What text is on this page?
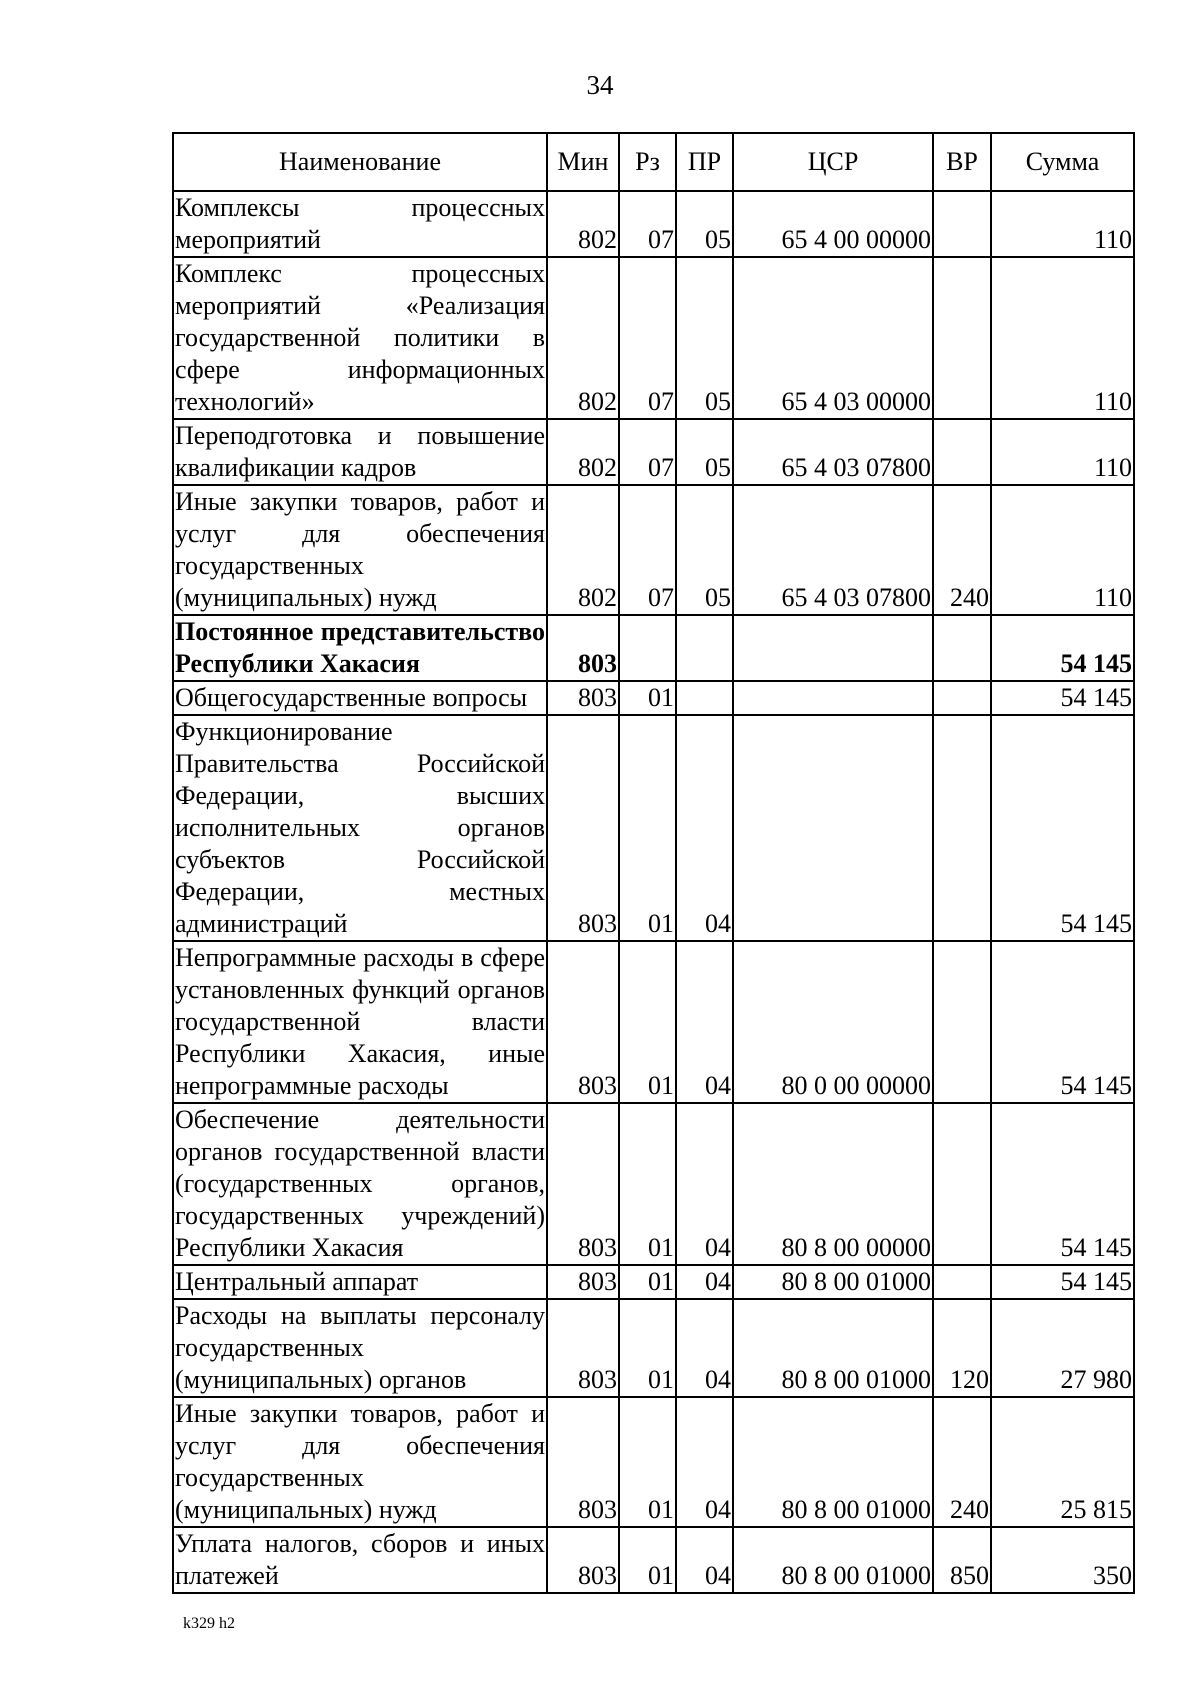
34
Наименование	Мин	Рз	ПР	ЦСР	ВР	Сумма
Комплексы процессных мероприятий	802	07	05	65 4 00 00000		110
Комплекс процессных мероприятий «Реализация государственной политики в сфере информационных технологий»	802	07	05	65 4 03 00000		110
Переподготовка и повышение квалификации кадров	802	07	05	65 4 03 07800		110
Иные закупки товаров, работ и услуг для обеспечения государственных (муниципальных) нужд	802	07	05	65 4 03 07800	240	110
Постоянное представительство Республики Хакасия	803					54 145
Общегосударственные вопросы	803	01				54 145
Функционирование Правительства Российской Федерации, высших исполнительных органов субъектов Российской Федерации, местных администраций	803	01	04			54 145
Непрограммные расходы в сфере установленных функций органов государственной власти Республики Хакасия, иные непрограммные расходы	803	01	04	80 0 00 00000		54 145
Обеспечение деятельности органов государственной власти (государственных органов, государственных учреждений) Республики Хакасия	803	01	04	80 8 00 00000		54 145
Центральный аппарат	803	01	04	80 8 00 01000		54 145
Расходы на выплаты персоналу государственных (муниципальных) органов	803	01	04	80 8 00 01000	120	27 980
Иные закупки товаров, работ и услуг для обеспечения государственных (муниципальных) нужд	803	01	04	80 8 00 01000	240	25 815
Уплата налогов, сборов и иных платежей	803	01	04	80 8 00 01000	850	350
k329 h2
